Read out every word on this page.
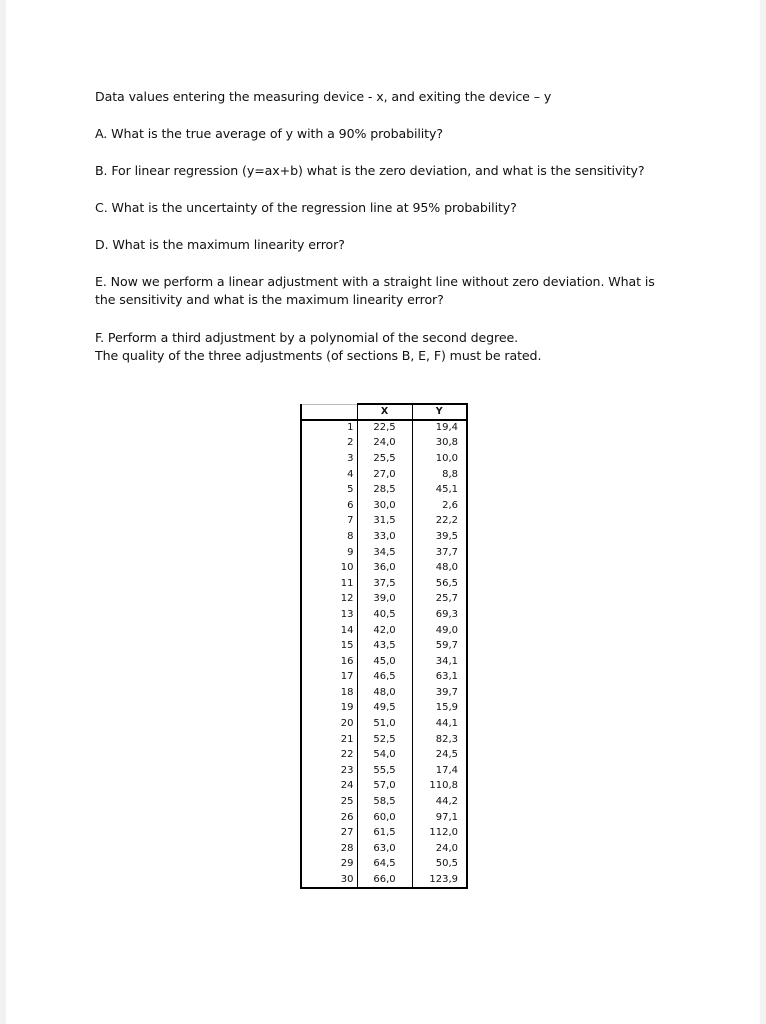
Data values entering the measuring device - x, and exiting the device – y

A. What is the true average of y with a 90% probability?

B. For linear regression (y=ax+b) what is the zero deviation, and what is the sensitivity?

C. What is the uncertainty of the regression line at 95% probability?

D. What is the maximum linearity error?

E. Now we perform a linear adjustment with a straight line without zero deviation. What is the sensitivity and what is the maximum linearity error?

F. Perform a third adjustment by a polynomial of the second degree.

The quality of the three adjustments (of sections B, E, F) must be rated.

	X	Y
1	22,5	19,4
2	24,0	30,8
3	25,5	10,0
4	27,0	8,8
5	28,5	45,1
6	30,0	2,6
7	31,5	22,2
8	33,0	39,5
9	34,5	37,7
10	36,0	48,0
11	37,5	56,5
12	39,0	25,7
13	40,5	69,3
14	42,0	49,0
15	43,5	59,7
16	45,0	34,1
17	46,5	63,1
18	48,0	39,7
19	49,5	15,9
20	51,0	44,1
21	52,5	82,3
22	54,0	24,5
23	55,5	17,4
24	57,0	110,8
25	58,5	44,2
26	60,0	97,1
27	61,5	112,0
28	63,0	24,0
29	64,5	50,5
30	66,0	123,9
